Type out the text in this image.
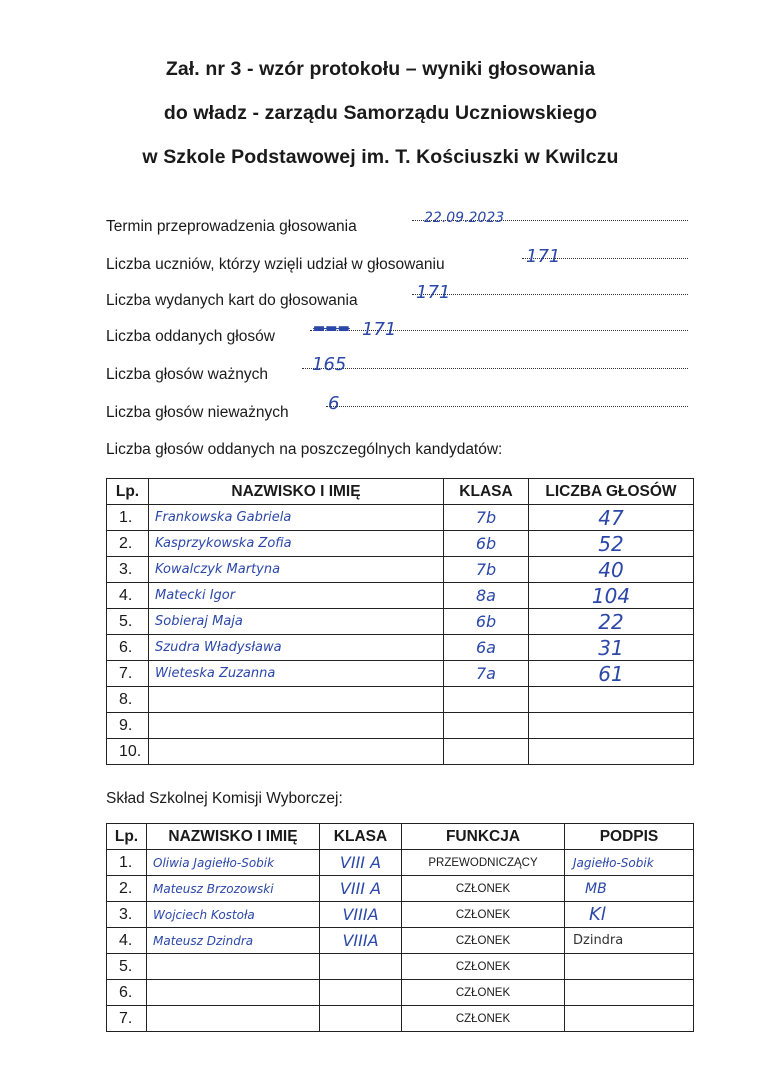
Zał. nr 3 - wzór protokołu – wyniki głosowania
do władz - zarządu Samorządu Uczniowskiego
w Szkole Podstawowej im. T. Kościuszki w Kwilczu
Termin przeprowadzenia głosowania	22.09.2023
Liczba uczniów, którzy wzięli udział w głosowaniu	171
Liczba wydanych kart do głosowania	171
Liczba oddanych głosów	▬▬▬ 171
Liczba głosów ważnych 165
Liczba głosów nieważnych 6
Liczba głosów oddanych na poszczególnych kandydatów:
Lp.	NAZWISKO I IMIĘ	KLASA	LICZBA GŁOSÓW
1.	Frankowska Gabriela	7b	47

2.	Kasprzykowska Zofia	6b	52

3.	Kowalczyk Martyna	7b	40

4.	Matecki Igor	8a	104

5.	Sobieraj Maja	6b	22

6.	Szudra Władysława	6a	31

7.	Wieteska Zuzanna	7a	61

8.			
9.			
10.			
Skład Szkolnej Komisji Wyborczej:
Lp.	NAZWISKO I IMIĘ	KLASA	FUNKCJA	PODPIS
1.	Oliwia Jagiełło-Sobik	VIII A	PRZEWODNICZĄCY	Jagiełło-Sobik

2.	Mateusz Brzozowski	VIII A	CZŁONEK	MB

3.	Wojciech Kostoła	VIIIA	CZŁONEK	Kl

4.	Mateusz Dzindra	VIIIA	CZŁONEK	Dzindra

5.			CZŁONEK	
6.			CZŁONEK	
7.			CZŁONEK	
